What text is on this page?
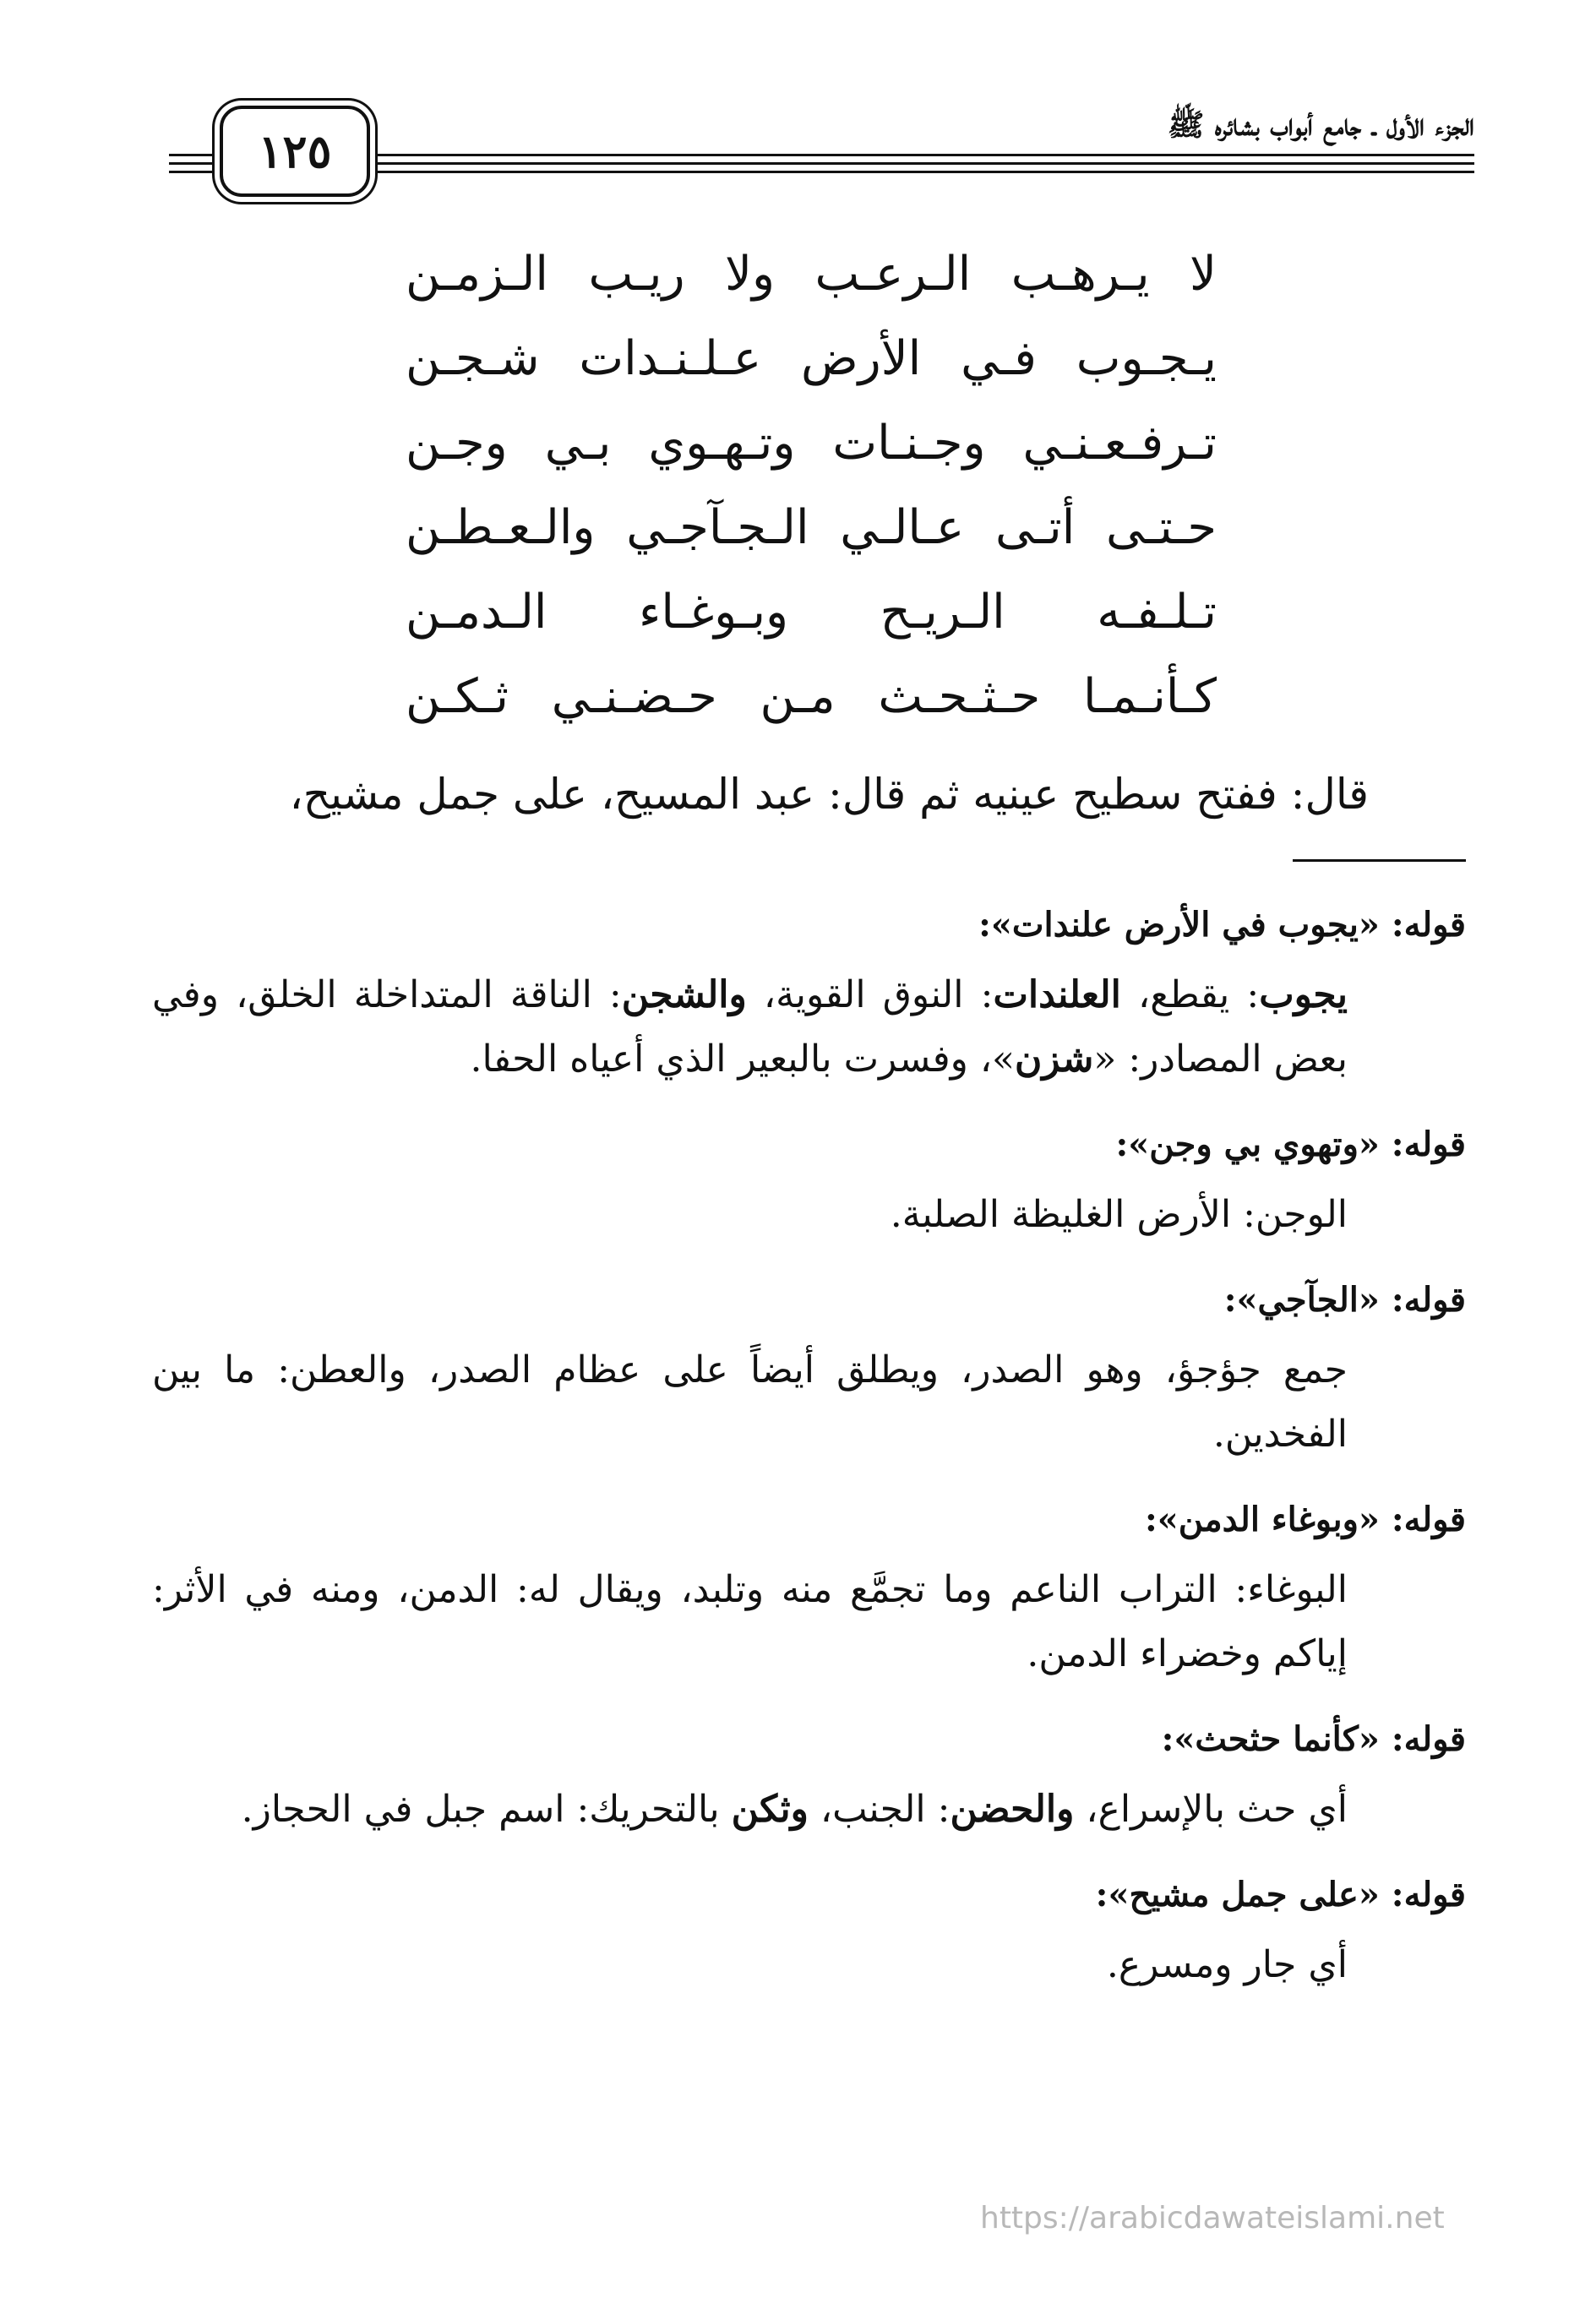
١٢٥	الجزء الأول ـ جامع أبواب بشائره ﷺ
لا يـرهـب الـرعـب ولا ريـب الـزمـن
يـجـوب فـي الأرض عـلـنـدات شـجـن
تـرفـعـنـي وجـنـات وتـهـوي بـي وجـن
حـتـى أتـى عـالـي الـجـآجـي والـعـطـن
تـلـفـه الـريـح وبـوغـاء الـدمـن
كـأنـمـا حـثـحـث مـن حـضـنـي ثـكـن
قال: ففتح سطيح عينيه ثم قال: عبد المسيح، على جمل مشيح،
قوله: «يجوب في الأرض علندات»:
يجوب: يقطع، العلندات: النوق القوية، والشجن: الناقة المتداخلة الخلق، وفي بعض المصادر: «شزن»، وفسرت بالبعير الذي أعياه الحفا.
قوله: «وتهوي بي وجن»:
الوجن: الأرض الغليظة الصلبة.
قوله: «الجآجي»:
جمع جؤجؤ، وهو الصدر، ويطلق أيضاً على عظام الصدر، والعطن: ما بين الفخدين.
قوله: «وبوغاء الدمن»:
البوغاء: التراب الناعم وما تجمَّع منه وتلبد، ويقال له: الدمن، ومنه في الأثر: إياكم وخضراء الدمن.
قوله: «كأنما حثحث»:
أي حث بالإسراع، والحضن: الجنب، وثكن بالتحريك: اسم جبل في الحجاز.
قوله: «على جمل مشيح»:
أي جار ومسرع.
https://arabicdawateislami.net
